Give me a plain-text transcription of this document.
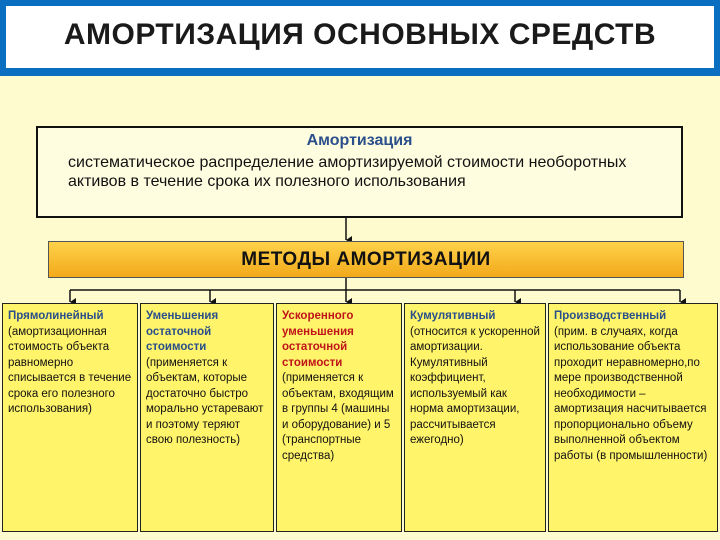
АМОРТИЗАЦИЯ ОСНОВНЫХ СРЕДСТВ
Амортизация
систематическое распределение амортизируемой стоимости необоротных активов в течение срока их полезного использования
МЕТОДЫ АМОРТИЗАЦИИ
Прямолинейный
(амортизационная стоимость объекта равномерно списывается в течение срока его полезного использования)
Уменьшения остаточной стоимости
(применяется к объектам, которые достаточно быстро морально устаревают и поэтому теряют свою полезность)
Ускоренного уменьшения остаточной стоимости
(применяется к объектам, входящим в группы 4 (машины и оборудование) и 5 (транспортные средства)
Кумулятивный
(относится к ускоренной амортизации. Кумулятивный коэффициент, используемый как норма амортизации, рассчитывается ежегодно)
Производственный
(прим. в случаях, когда использование объекта проходит неравномерно,по мере производственной необходимости – амортизация насчитывается пропорционально объему выполненной объектом работы (в промышленности)
